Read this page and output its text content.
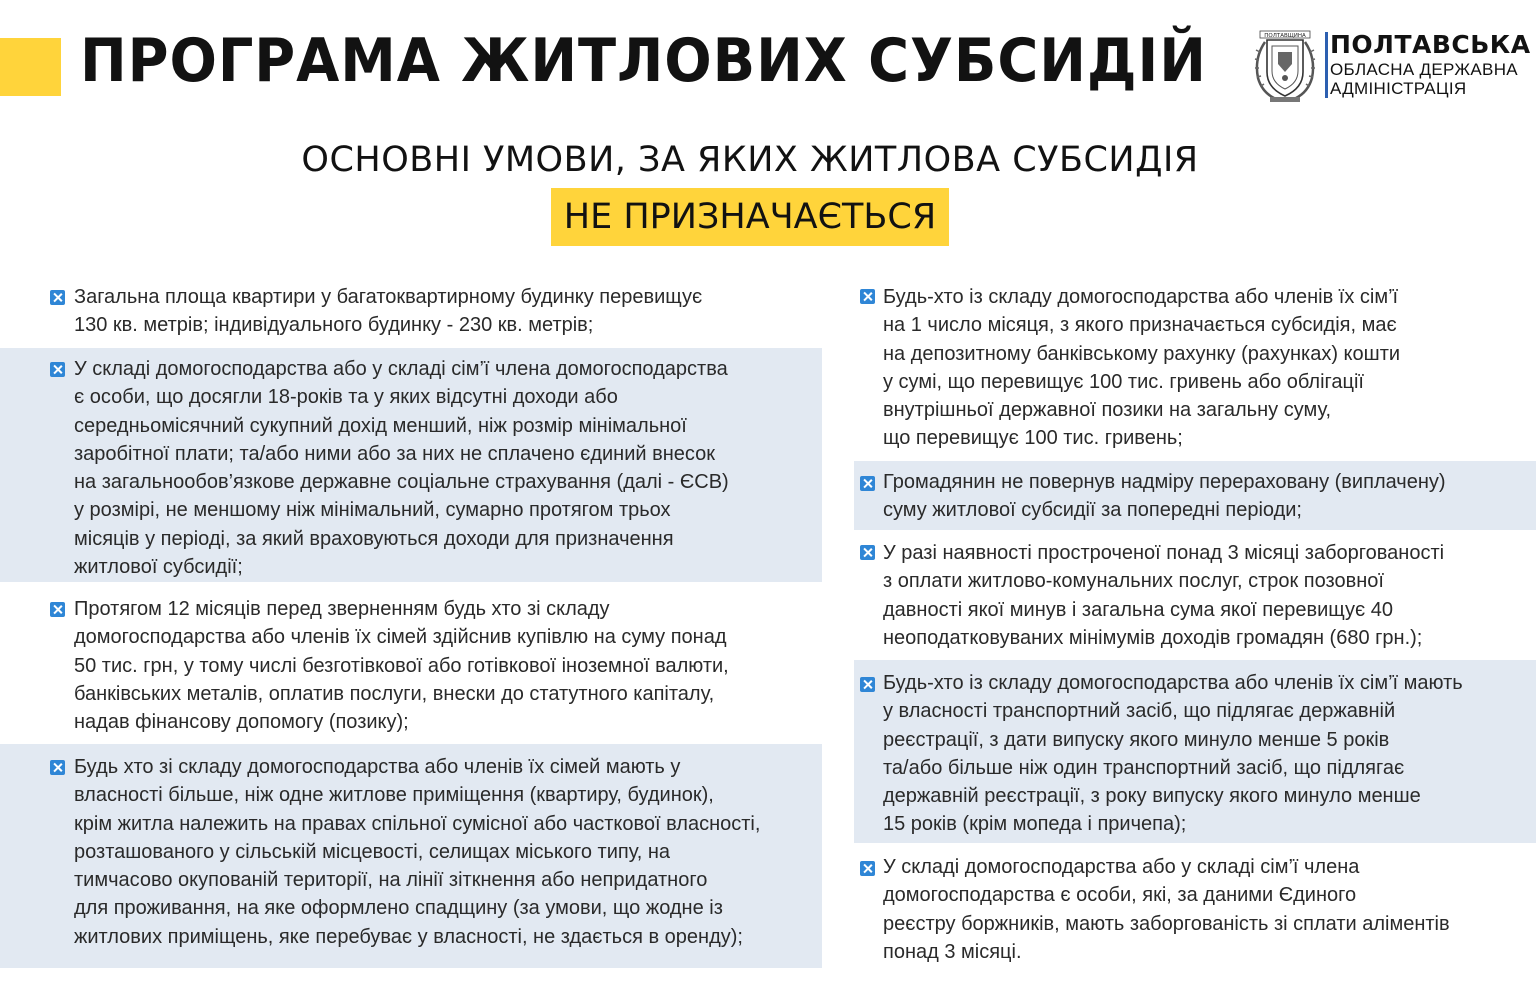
ПРОГРАМА ЖИТЛОВИХ СУБСИДІЙ	ПОЛТАВЩИНА ПОЛТАВСЬКА
ОБЛАСНА ДЕРЖАВНА
АДМІНІСТРАЦІЯ
ОСНОВНІ УМОВИ, ЗА ЯКИХ ЖИТЛОВА СУБСИДІЯ
НЕ ПРИЗНАЧАЄТЬСЯ
Загальна площа квартири у багатоквартирному будинку перевищує
130 кв. метрів; індивідуального будинку - 230 кв. метрів;
У складі домогосподарства або у складі сім’ї члена домогосподарства
є особи, що досягли 18-років та у яких відсутні доходи або
середньомісячний сукупний дохід менший, ніж розмір мінімальної
заробітної плати; та/або ними або за них не сплачено єдиний внесок
на загальнообов’язкове державне соціальне страхування (далі - ЄСВ)
у розмірі, не меншому ніж мінімальний, сумарно протягом трьох
місяців у періоді, за який враховуються доходи для призначення
житлової субсидії;
Протягом 12 місяців перед зверненням будь хто зі складу
домогосподарства або членів їх сімей здійснив купівлю на суму понад
50 тис. грн, у тому числі безготівкової або готівкової іноземної валюти,
банківських металів, оплатив послуги, внески до статутного капіталу,
надав фінансову допомогу (позику);
Будь хто зі складу домогосподарства або членів їх сімей мають у
власності більше, ніж одне житлове приміщення (квартиру, будинок),
крім житла належить на правах спільної сумісної або часткової власності,
розташованого у сільській місцевості, селищах міського типу, на
тимчасово окупованій території, на лінії зіткнення або непридатного
для проживання, на яке оформлено спадщину (за умови, що жодне із
житлових приміщень, яке перебуває у власності, не здається в оренду);
Будь-хто із складу домогосподарства або членів їх сім’ї
на 1 число місяця, з якого призначається субсидія, має
на депозитному банківському рахунку (рахунках) кошти
у сумі, що перевищує 100 тис. гривень або облігації
внутрішньої державної позики на загальну суму,
що перевищує 100 тис. гривень;
Громадянин не повернув надміру перераховану (виплачену)
суму житлової субсидії за попередні періоди;
У разі наявності простроченої понад 3 місяці заборгованості
з оплати житлово-комунальних послуг, строк позовної
давності якої минув і загальна сума якої перевищує 40
неоподатковуваних мінімумів доходів громадян (680 грн.);
Будь-хто із складу домогосподарства або членів їх сім’ї мають
у власності транспортний засіб, що підлягає державній
реєстрації, з дати випуску якого минуло менше 5 років
та/або більше ніж один транспортний засіб, що підлягає
державній реєстрації, з року випуску якого минуло менше
15 років (крім мопеда і причепа);
У складі домогосподарства або у складі сім’ї члена
домогосподарства є особи, які, за даними Єдиного
реєстру боржників, мають заборгованість зі сплати аліментів
понад 3 місяці.
